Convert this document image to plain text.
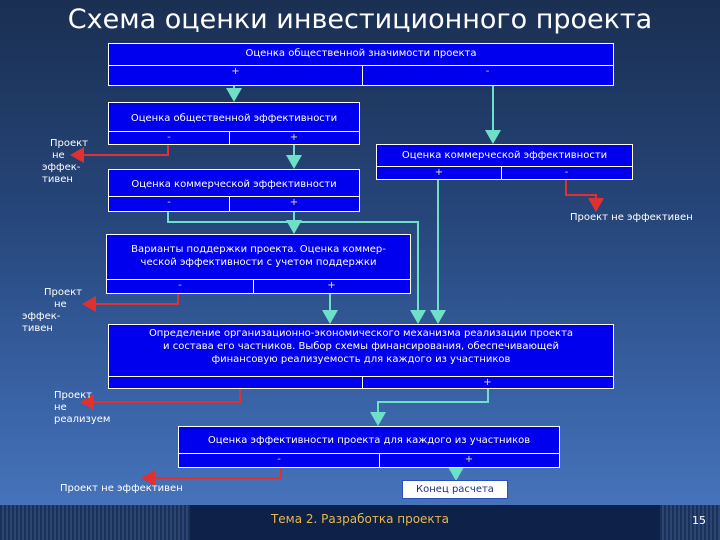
Схема оценки инвестиционного проекта
Оценка общественной значимости проекта
+	-
Оценка общественной эффективности
-	+
Оценка коммерческой эффективности
-	+
Оценка коммерческой эффективности
+	-
Варианты поддержки проекта. Оценка коммер-
ческой эффективности с учетом поддержки
-	+
Определение организационно-экономического механизма реализации проекта
и состава его частников. Выбор схемы финансирования, обеспечивающей
финансовую реализуемость для каждого из участников
+
Оценка эффективности проекта для каждого из участников
-	+
Проект
не
эффек-
тивен
Проект
не
эффек-
тивен
Проект
не
реализуем
Проект не эффективен
Проект не эффективен	Конец расчета
Тема 2. Разработка проекта	15
